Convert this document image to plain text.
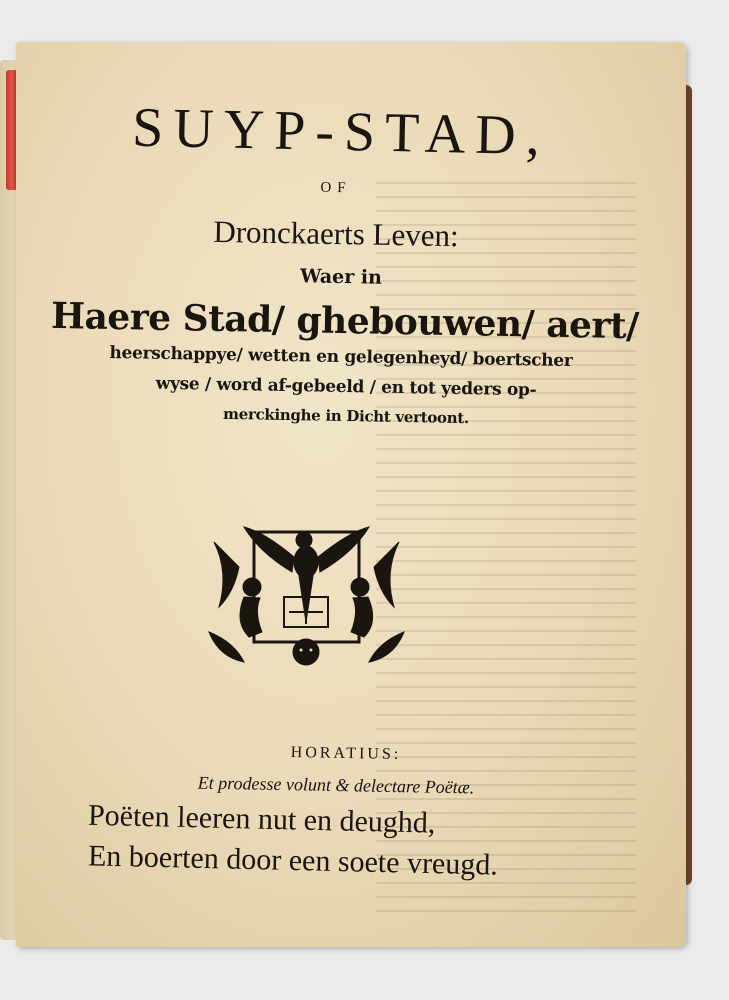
SUYP-STAD,
OF
Dronckaerts Leven:
Waer in
Haere Stad/ ghebouwen/ aert/
heerschappye/ wetten en gelegenheyd/ boertscher
wyse / word af-gebeeld / en tot yeders op-
merckinghe in Dicht vertoont.
HORATIUS:
Et prodesse volunt & delectare Poëtæ.
Poëten leeren nut en deughd,
En boerten door een soete vreugd.
